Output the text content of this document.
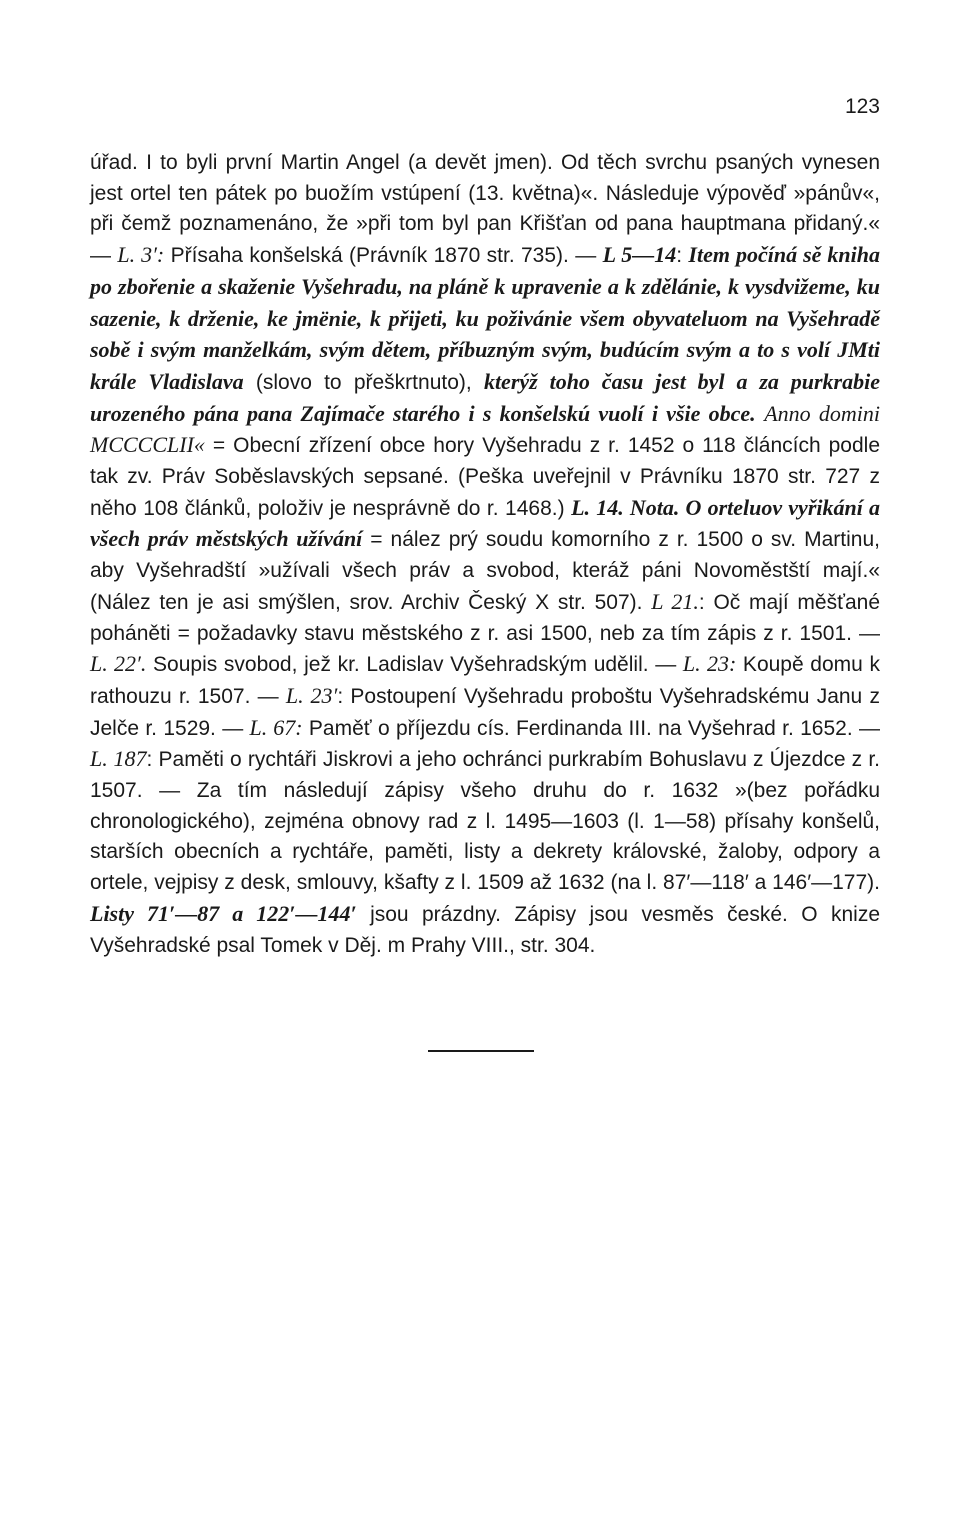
123

úřad. I to byli první Martin Angel (a devět jmen). Od těch svrchu psaných vynesen jest ortel ten pátek po buožím vstúpení (13. května)«. Následuje výpověď »pánův«, při čemž poznamenáno, že »při tom byl pan Křišťan od pana hauptmana přidaný.« — L. 3′: Přísaha konšelská (Právník 1870 str. 735). — L 5—14: Item počíná sě kniha po zbořenie a skaženie Vyšehradu, na pláně k upravenie a k zdělánie, k vysdvižeme, ku sazenie, k drženie, ke jmënie, k přijeti, ku poživánie všem obyvateluom na Vyšehradě sobě i svým manželkám, svým dětem, příbuzným svým, budúcím svým a to s volí JMti krále Vladislava (slovo to přeškrtnuto), kterýž toho času jest byl a za purkrabie urozeného pána pana Zajímače starého i s konšelskú vuolí i všie obce. Anno domini MCCCCLII« = Obecní zřízení obce hory Vyšehradu z r. 1452 o 118 článcích podle tak zv. Práv Soběslavských sepsané. (Peška uveřejnil v Právníku 1870 str. 727 z něho 108 článků, položiv je nesprávně do r. 1468.) L. 14. Nota. O orteluov vyřikání a všech práv městských užívání = nález prý soudu komorního z r. 1500 o sv. Martinu, aby Vyšehradští »užívali všech práv a svobod, kteráž páni Novoměstští mají.« (Nález ten je asi smýšlen, srov. Archiv Český X str. 507). L 21.: Oč mají měšťané poháněti = požadavky stavu městského z r. asi 1500, neb za tím zápis z r. 1501. — L. 22′. Soupis svobod, jež kr. Ladislav Vyšehradským udělil. — L. 23: Koupě domu k rathouzu r. 1507. — L. 23′: Postoupení Vyšehradu proboštu Vyšehradskému Janu z Jelče r. 1529. — L. 67: Paměť o příjezdu cís. Ferdinanda III. na Vyšehrad r. 1652. — L. 187: Paměti o rychtáři Jiskrovi a jeho ochránci purkrabím Bohuslavu z Újezdce z r. 1507. — Za tím následují zápisy všeho druhu do r. 1632 »(bez pořádku chronologického), zejména obnovy rad z l. 1495—1603 (l. 1—58) přísahy konšelů, starších obecních a rychtáře, paměti, listy a dekrety královské, žaloby, odpory a ortele, vejpisy z desk, smlouvy, kšafty z l. 1509 až 1632 (na l. 87′—118′ a 146′—177). Listy 71′—87 a 122′—144′ jsou prázdny. Zápisy jsou vesměs české. O knize Vyšehradské psal Tomek v Děj. m Prahy VIII., str. 304.
